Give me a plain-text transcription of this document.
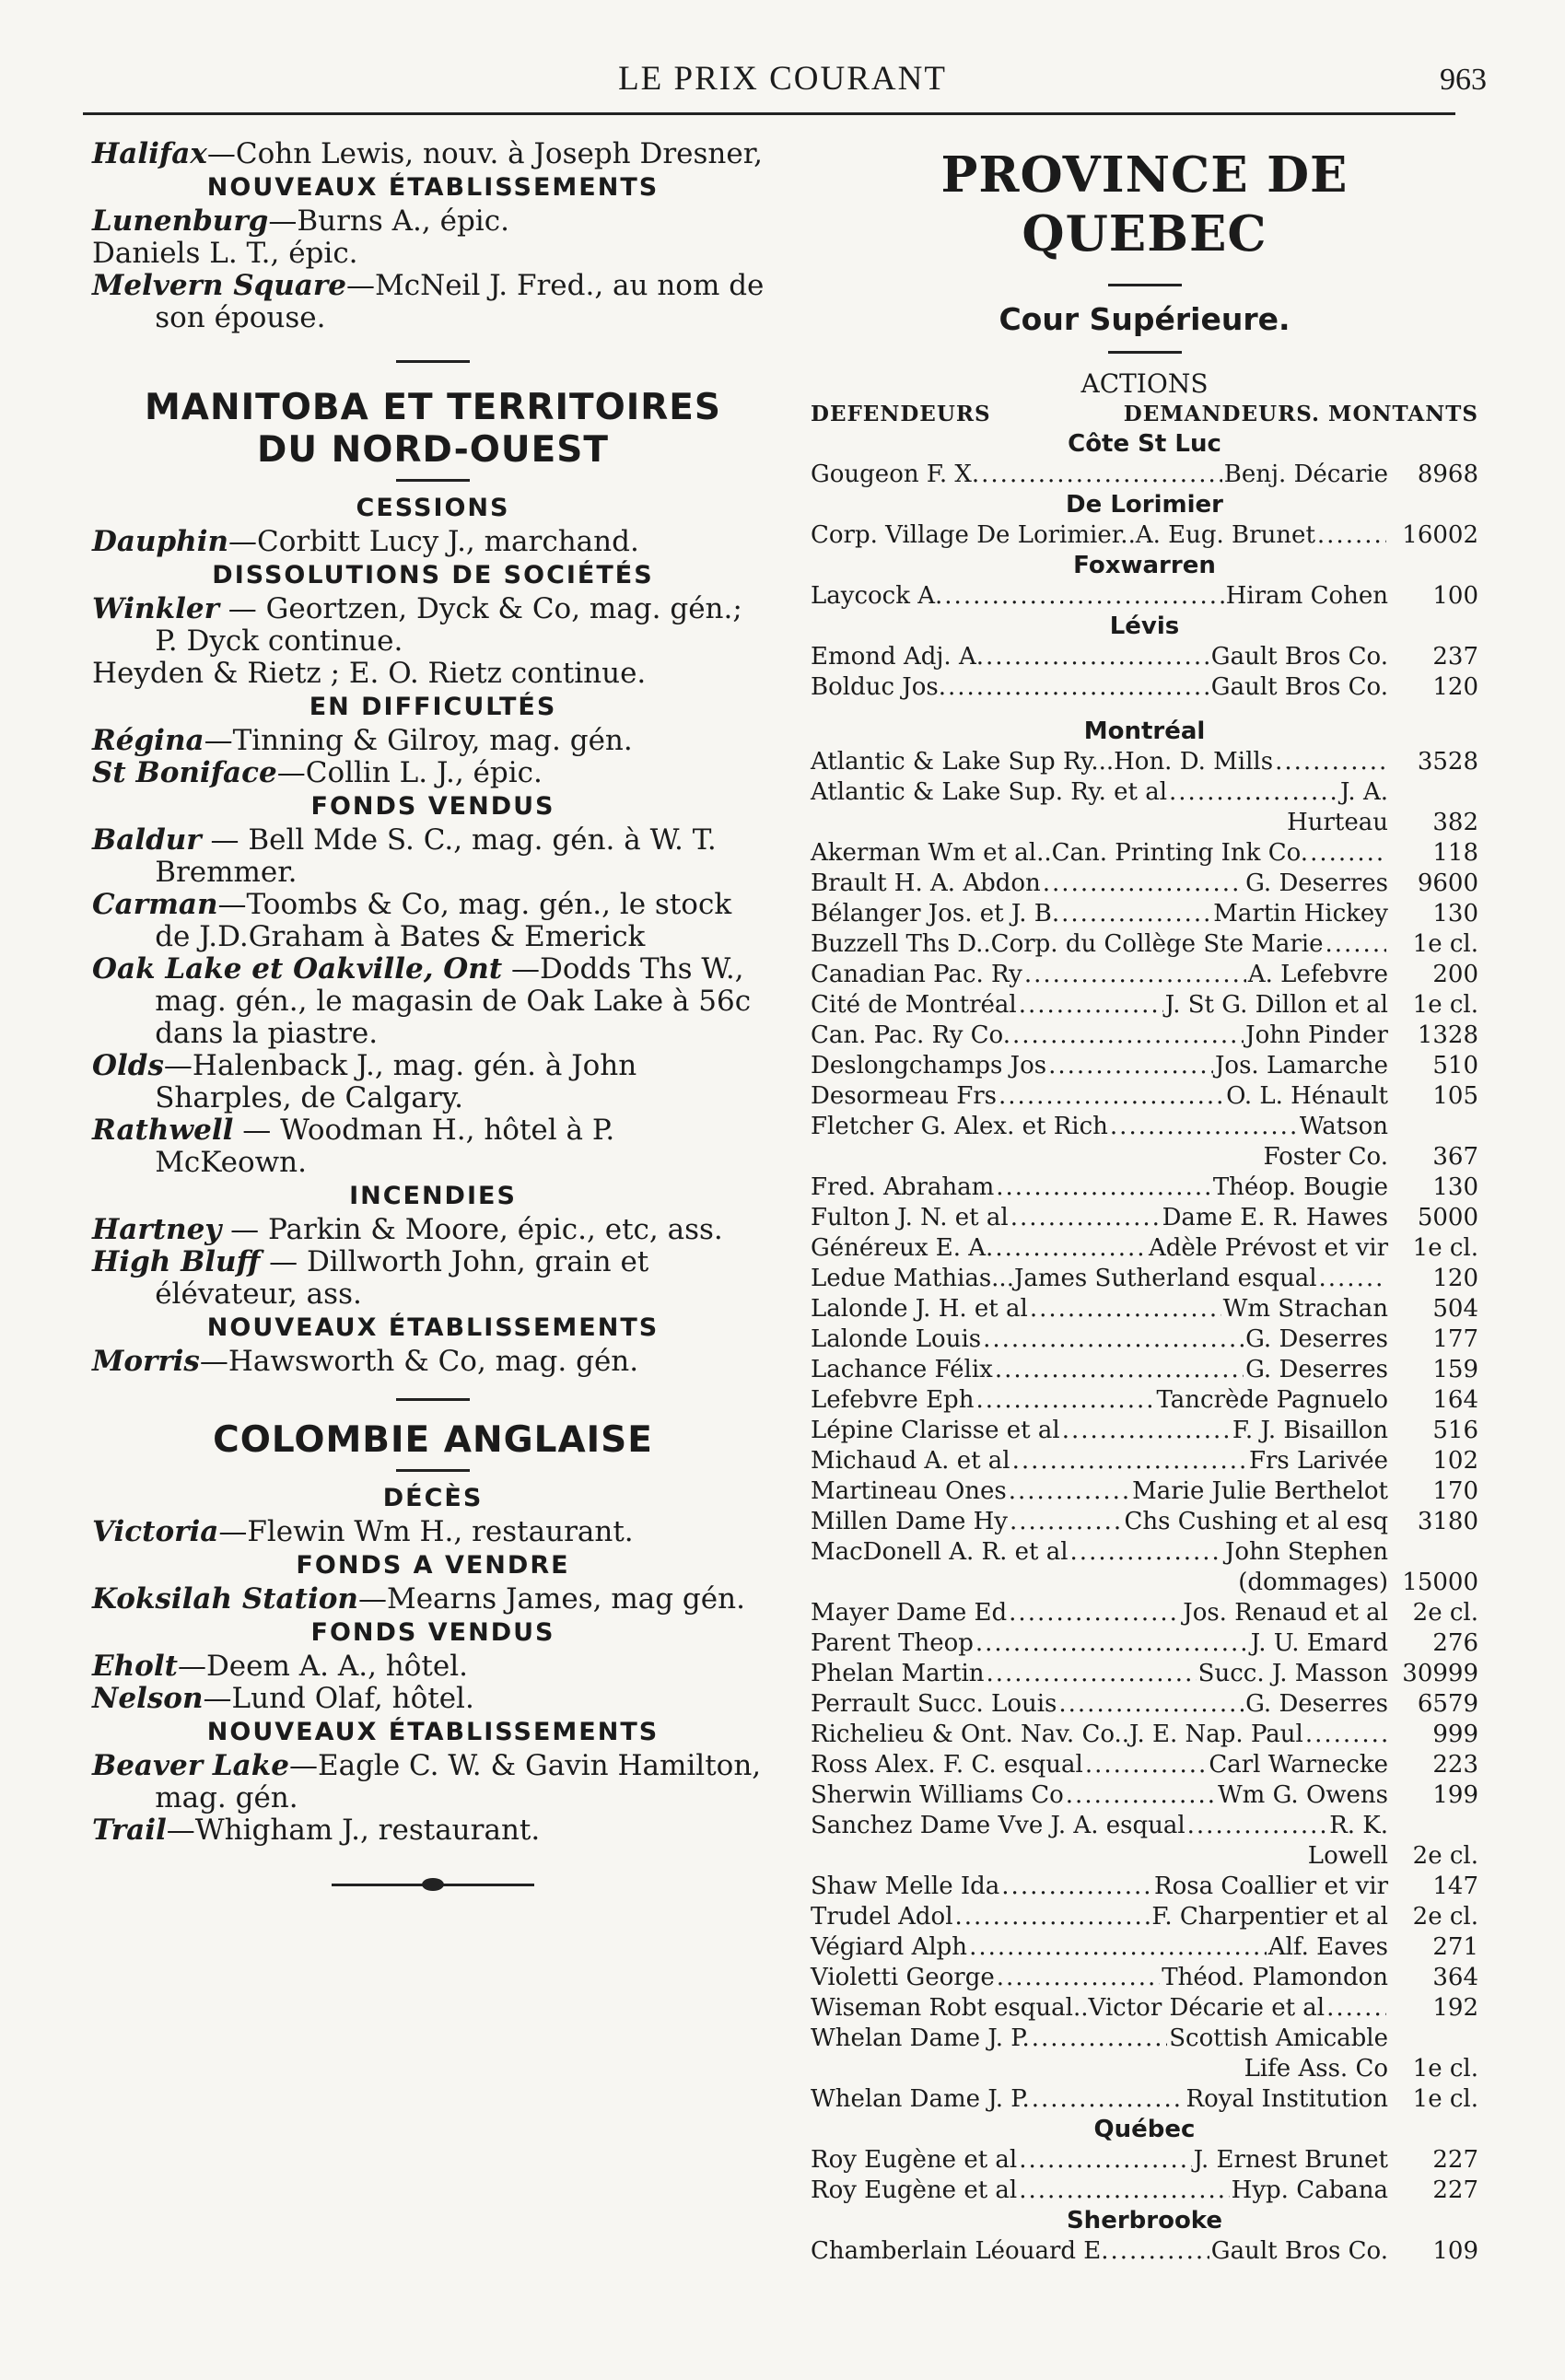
LE PRIX COURANT	963
Halifax—Cohn Lewis, nouv. à Joseph Dresner,
NOUVEAUX ÉTABLISSEMENTS
Lunenburg—Burns A., épic.
Daniels L. T., épic.
Melvern Square—McNeil J. Fred., au nom de son épouse.
MANITOBA ET TERRITOIRES
DU NORD-OUEST
CESSIONS
Dauphin—Corbitt Lucy J., marchand.
DISSOLUTIONS DE SOCIÉTÉS
Winkler — Geortzen, Dyck & Co, mag. gén.; P. Dyck continue.
Heyden & Rietz ; E. O. Rietz continue.
EN DIFFICULTÉS
Régina—Tinning & Gilroy, mag. gén.
St Boniface—Collin L. J., épic.
FONDS VENDUS
Baldur — Bell Mde S. C., mag. gén. à W. T. Bremmer.
Carman—Toombs & Co, mag. gén., le stock de J.D.Graham à Bates & Emerick
Oak Lake et Oakville, Ont —Dodds Ths W., mag. gén., le magasin de Oak Lake à 56c dans la piastre.
Olds—Halenback J., mag. gén. à John Sharples, de Calgary.
Rathwell — Woodman H., hôtel à P. McKeown.
INCENDIES
Hartney — Parkin & Moore, épic., etc, ass.
High Bluff — Dillworth John, grain et élévateur, ass.
NOUVEAUX ÉTABLISSEMENTS
Morris—Hawsworth & Co, mag. gén.
COLOMBIE ANGLAISE
DÉCÈS
Victoria—Flewin Wm H., restaurant.
FONDS A VENDRE
Koksilah Station—Mearns James, mag gén.
FONDS VENDUS
Eholt—Deem A. A., hôtel.
Nelson—Lund Olaf, hôtel.
NOUVEAUX ÉTABLISSEMENTS
Beaver Lake—Eagle C. W. & Gavin Hamilton, mag. gén.
Trail—Whigham J., restaurant.
PROVINCE DE QUEBEC
Cour Supérieure.
ACTIONS
DEFENDEURS	DEMANDEURS. MONTANTS
Côte St Luc
Gougeon F. X. .....	Benj. Décarie	8968
De Lorimier
Corp. Village De Lorimier..A. Eug. Brunet .....	16002
Foxwarren
Laycock A. .....	Hiram Cohen	100
Lévis
Emond Adj. A. .....	Gault Bros Co.	237
Bolduc Jos. .....	Gault Bros Co.	120
Montréal
Atlantic & Lake Sup Ry...Hon. D. Mills .....	3528
Atlantic & Lake Sup. Ry. et al .....	J. A.
Hurteau	382
Akerman Wm et al..Can. Printing Ink Co. .....	118
Brault H. A. Abdon .....	G. Deserres	9600
Bélanger Jos. et J. B. .....	Martin Hickey	130
Buzzell Ths D..Corp. du Collège Ste Marie .....	1e cl.
Canadian Pac. Ry .....	A. Lefebvre	200
Cité de Montréal .....	J. St G. Dillon et al	1e cl.
Can. Pac. Ry Co. .....	John Pinder	1328
Deslongchamps Jos .....	Jos. Lamarche	510
Desormeau Frs .....	O. L. Hénault	105
Fletcher G. Alex. et Rich .....	Watson
Foster Co.	367
Fred. Abraham .....	Théop. Bougie	130
Fulton J. N. et al .....	Dame E. R. Hawes	5000
Généreux E. A. .....	Adèle Prévost et vir	1e cl.
Ledue Mathias...James Sutherland esqual .....	120
Lalonde J. H. et al .....	Wm Strachan	504
Lalonde Louis .....	G. Deserres	177
Lachance Félix .....	G. Deserres	159
Lefebvre Eph .....	Tancrède Pagnuelo	164
Lépine Clarisse et al .....	F. J. Bisaillon	516
Michaud A. et al .....	Frs Larivée	102
Martineau Ones .....	Marie Julie Berthelot	170
Millen Dame Hy .....	Chs Cushing et al esq	3180
MacDonell A. R. et al .....	John Stephen
(dommages) 15000
Mayer Dame Ed .....	Jos. Renaud et al	2e cl.
Parent Theop .....	J. U. Emard	276
Phelan Martin .....	Succ. J. Masson 30999
Perrault Succ. Louis .....	G. Deserres	6579
Richelieu & Ont. Nav. Co..J. E. Nap. Paul .....	999
Ross Alex. F. C. esqual .....	Carl Warnecke	223
Sherwin Williams Co .....	Wm G. Owens	199
Sanchez Dame Vve J. A. esqual .....	R. K.
Lowell	2e cl.
Shaw Melle Ida .....	Rosa Coallier et vir	147
Trudel Adol .....	F. Charpentier et al	2e cl.
Végiard Alph .....	Alf. Eaves	271
Violetti George .....	Théod. Plamondon	364
Wiseman Robt esqual..Victor Décarie et al .....	192
Whelan Dame J. P. .....	Scottish Amicable
Life Ass. Co	1e cl.
Whelan Dame J. P. .....	Royal Institution	1e cl.
Québec
Roy Eugène et al .....	J. Ernest Brunet	227
Roy Eugène et al .....	Hyp. Cabana	227
Sherbrooke
Chamberlain Léouard E. .....	Gault Bros Co.	109
